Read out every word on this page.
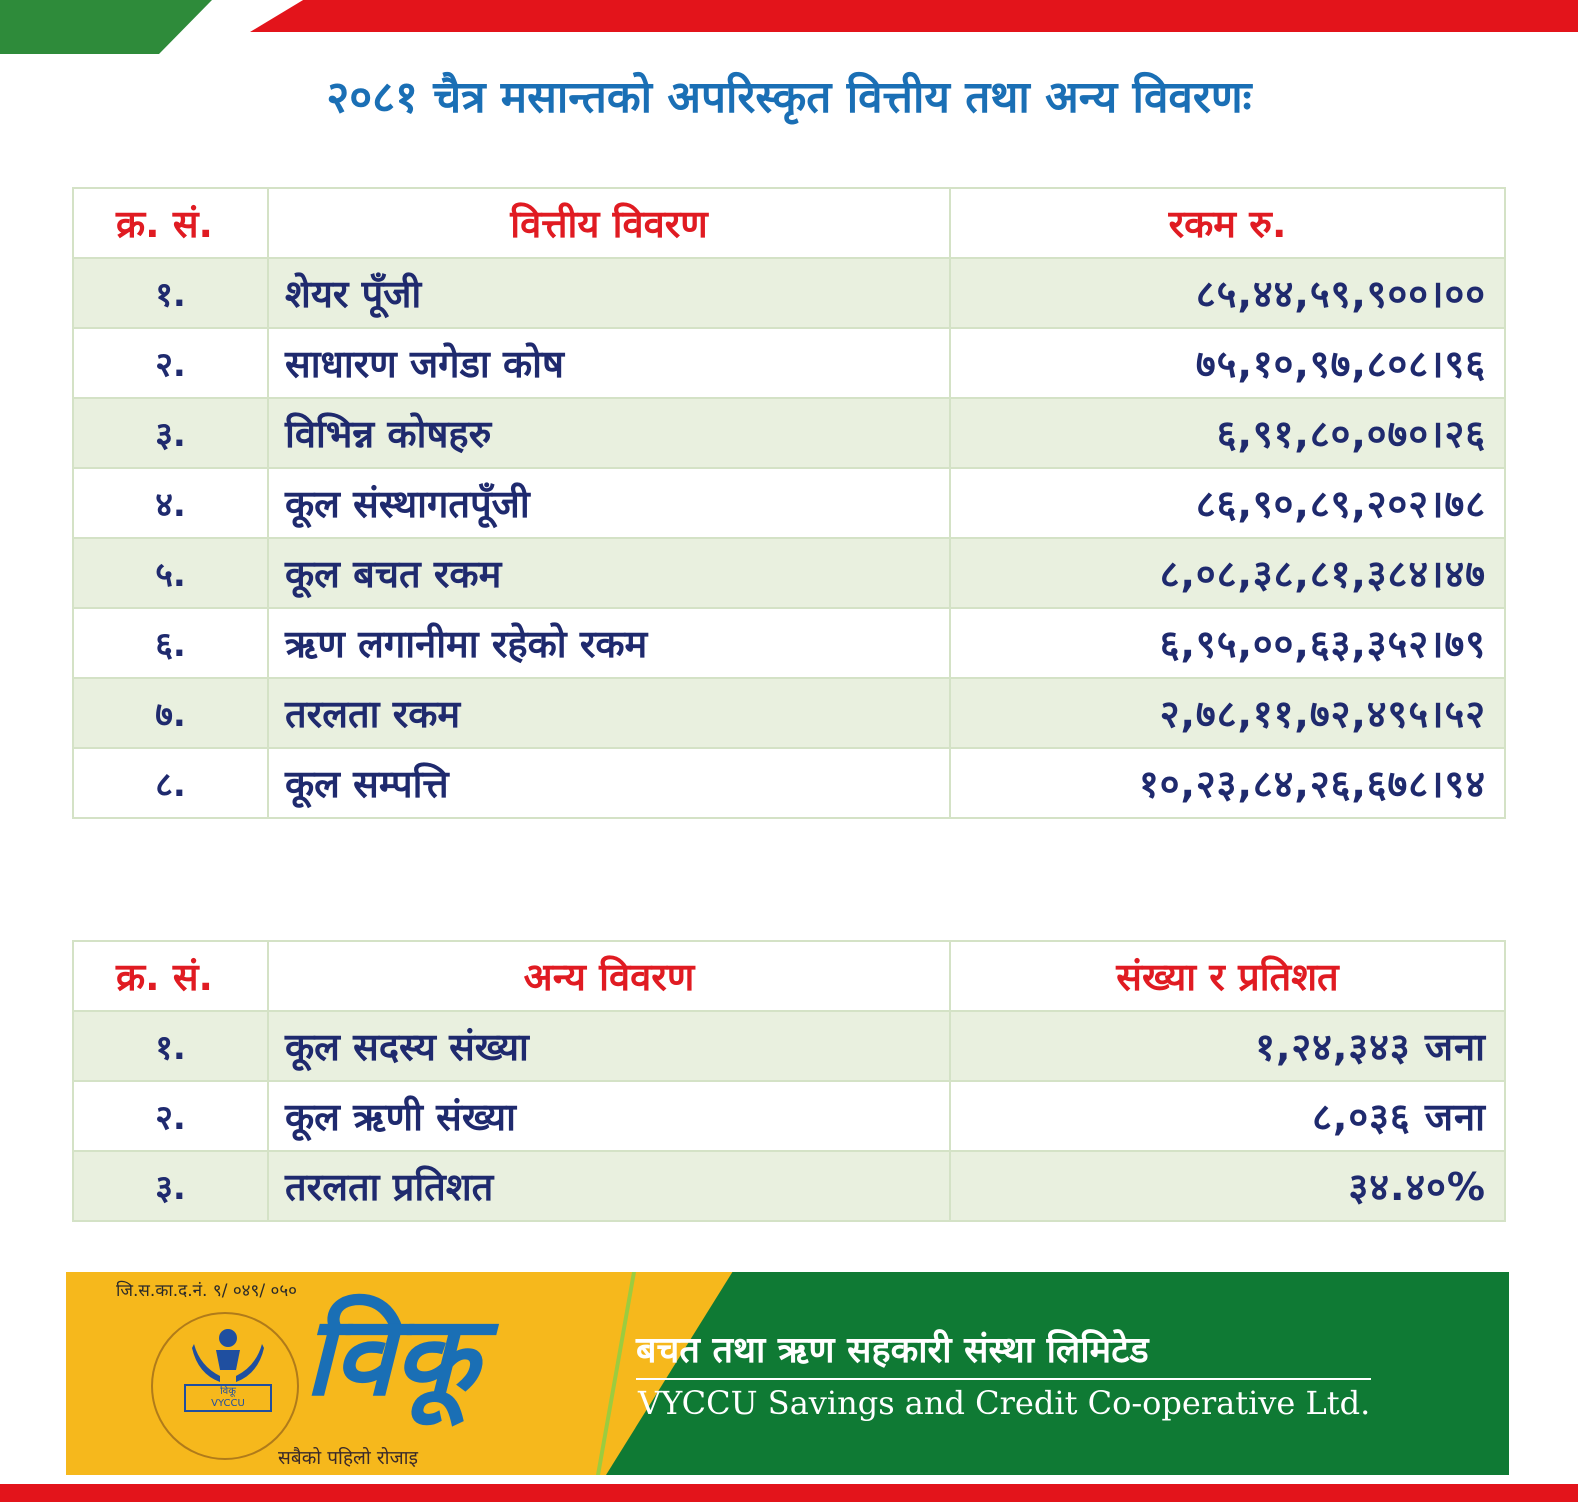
२०८१ चैत्र मसान्तको अपरिस्कृत वित्तीय तथा अन्य विवरणः
क्र. सं.	वित्तीय विवरण	रकम रु.
१.	शेयर पूँजी	८५,४४,५९,९००।००
२.	साधारण जगेडा कोष	७५,१०,९७,८०८।९६
३.	विभिन्न कोषहरु	६,९१,८०,०७०।२६
४.	कूल संस्थागतपूँजी	८६,९०,८९,२०२।७८
५.	कूल बचत रकम	८,०८,३८,८१,३८४।४७
६.	ऋण लगानीमा रहेको रकम	६,९५,००,६३,३५२।७९
७.	तरलता रकम	२,७८,११,७२,४९५।५२
८.	कूल सम्पत्ति	१०,२३,८४,२६,६७८।९४
क्र. सं.	अन्य विवरण	संख्या र प्रतिशत
१.	कूल सदस्य संख्या	१,२४,३४३ जना
२.	कूल ऋणी संख्या	८,०३६ जना
३.	तरलता प्रतिशत	३४.४०%
जि.स.का.द.नं. ९/ ०४९/ ०५०
विकू
VYCCU विकू
सबैको पहिलो रोजाइ
बचत तथा ऋण सहकारी संस्था लिमिटेड
VYCCU Savings and Credit Co-operative Ltd.
